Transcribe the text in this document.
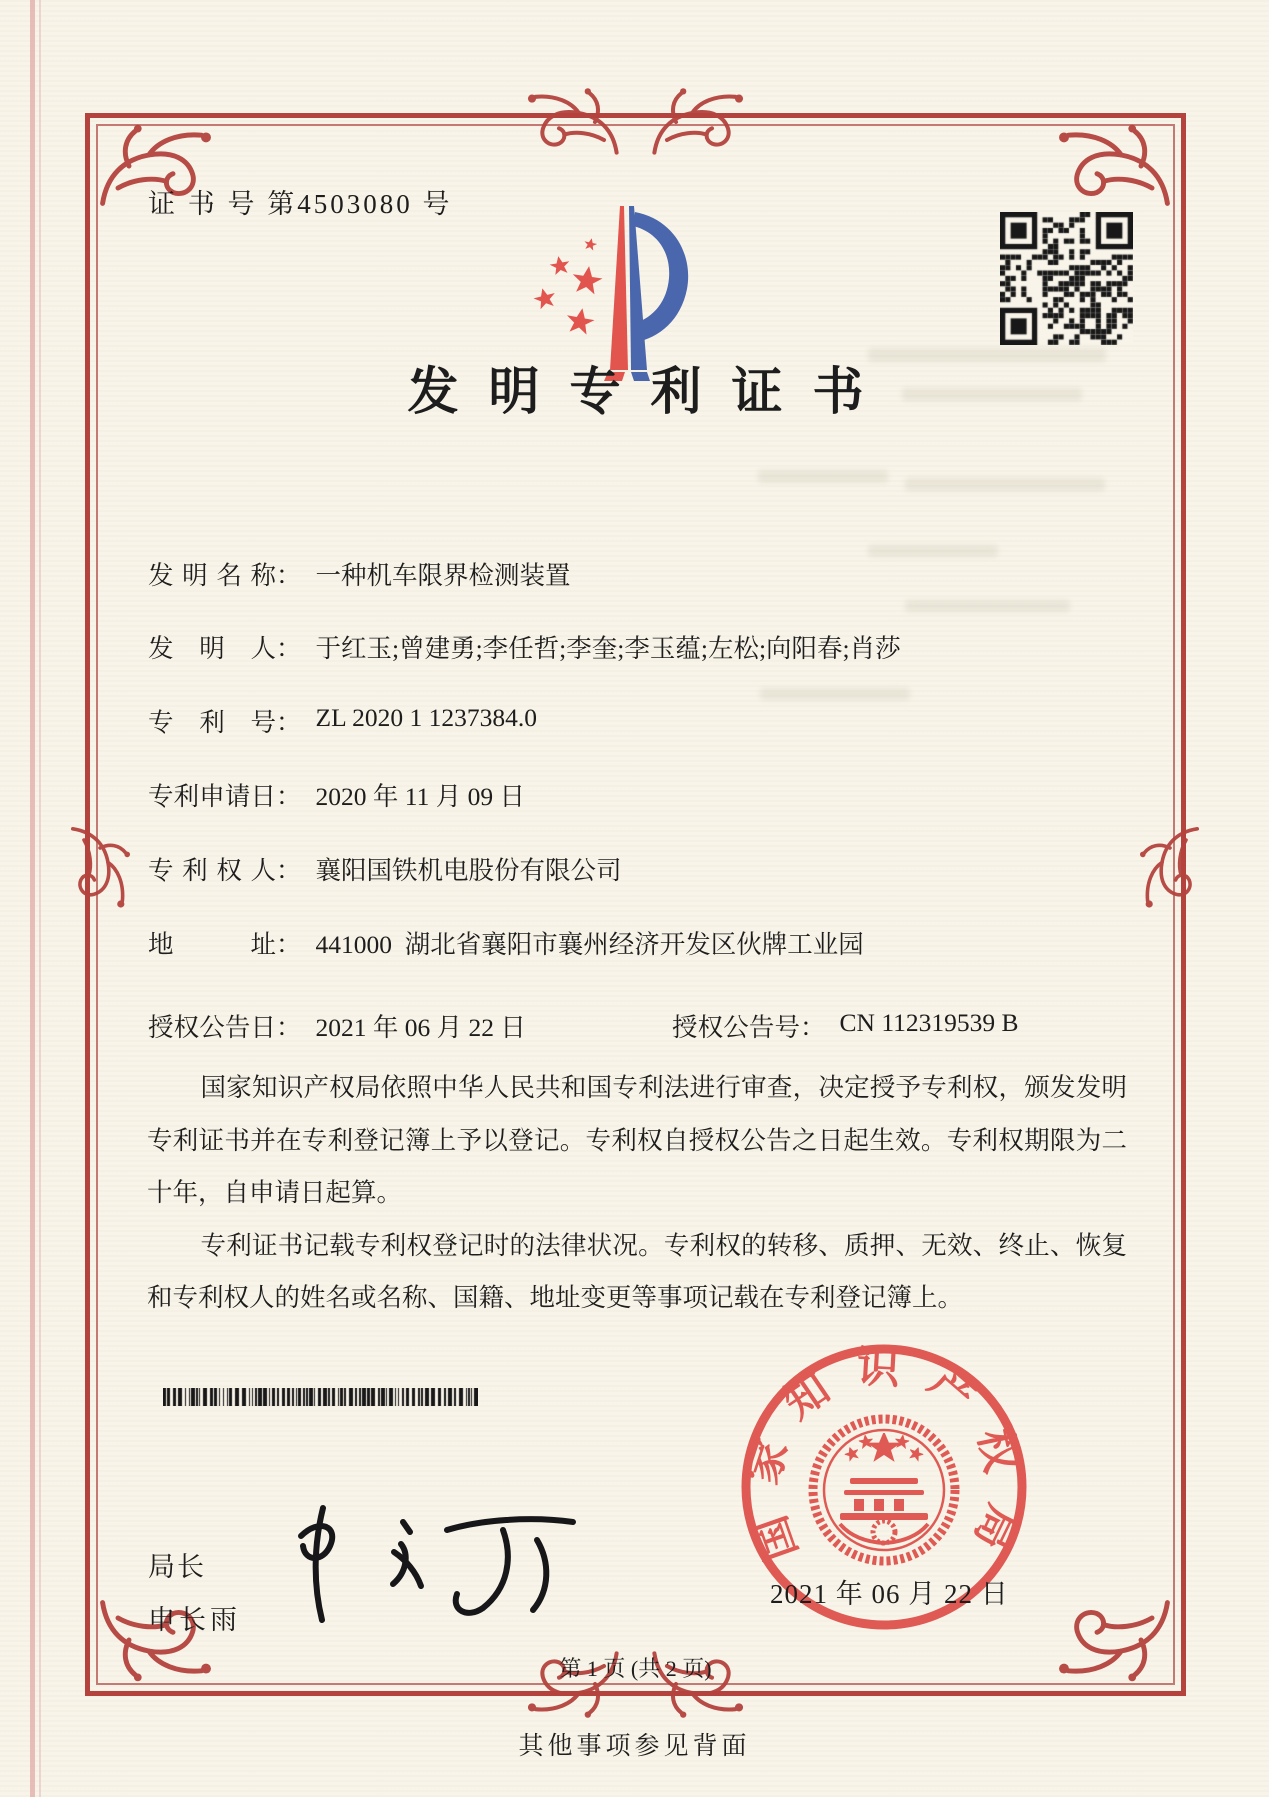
证 书 号 第4503080 号
发明专利证书
发明名称： 一种机车限界检测装置
发明人： 于红玉;曾建勇;李任哲;李奎;李玉蕴;左松;向阳春;肖莎
专利号： ZL 2020 1 1237384.0
专利申请日： 2020 年 11 月 09 日
专利权人： 襄阳国铁机电股份有限公司
地址： 441000  湖北省襄阳市襄州经济开发区伙牌工业园
授权公告日： 2021 年 06 月 22 日	授权公告号： CN 112319539 B

国家知识产权局依照中华人民共和国专利法进行审查，决定授予专利权，颁发发明专利证书并在专利登记簿上予以登记。专利权自授权公告之日起生效。专利权期限为二十年，自申请日起算。

专利证书记载专利权登记时的法律状况。专利权的转移、质押、无效、终止、恢复和专利权人的姓名或名称、国籍、地址变更等事项记载在专利登记簿上。

局长
申长雨
国家知识产权局
2021 年 06 月 22 日
第 1 页 (共 2 页)
其他事项参见背面
